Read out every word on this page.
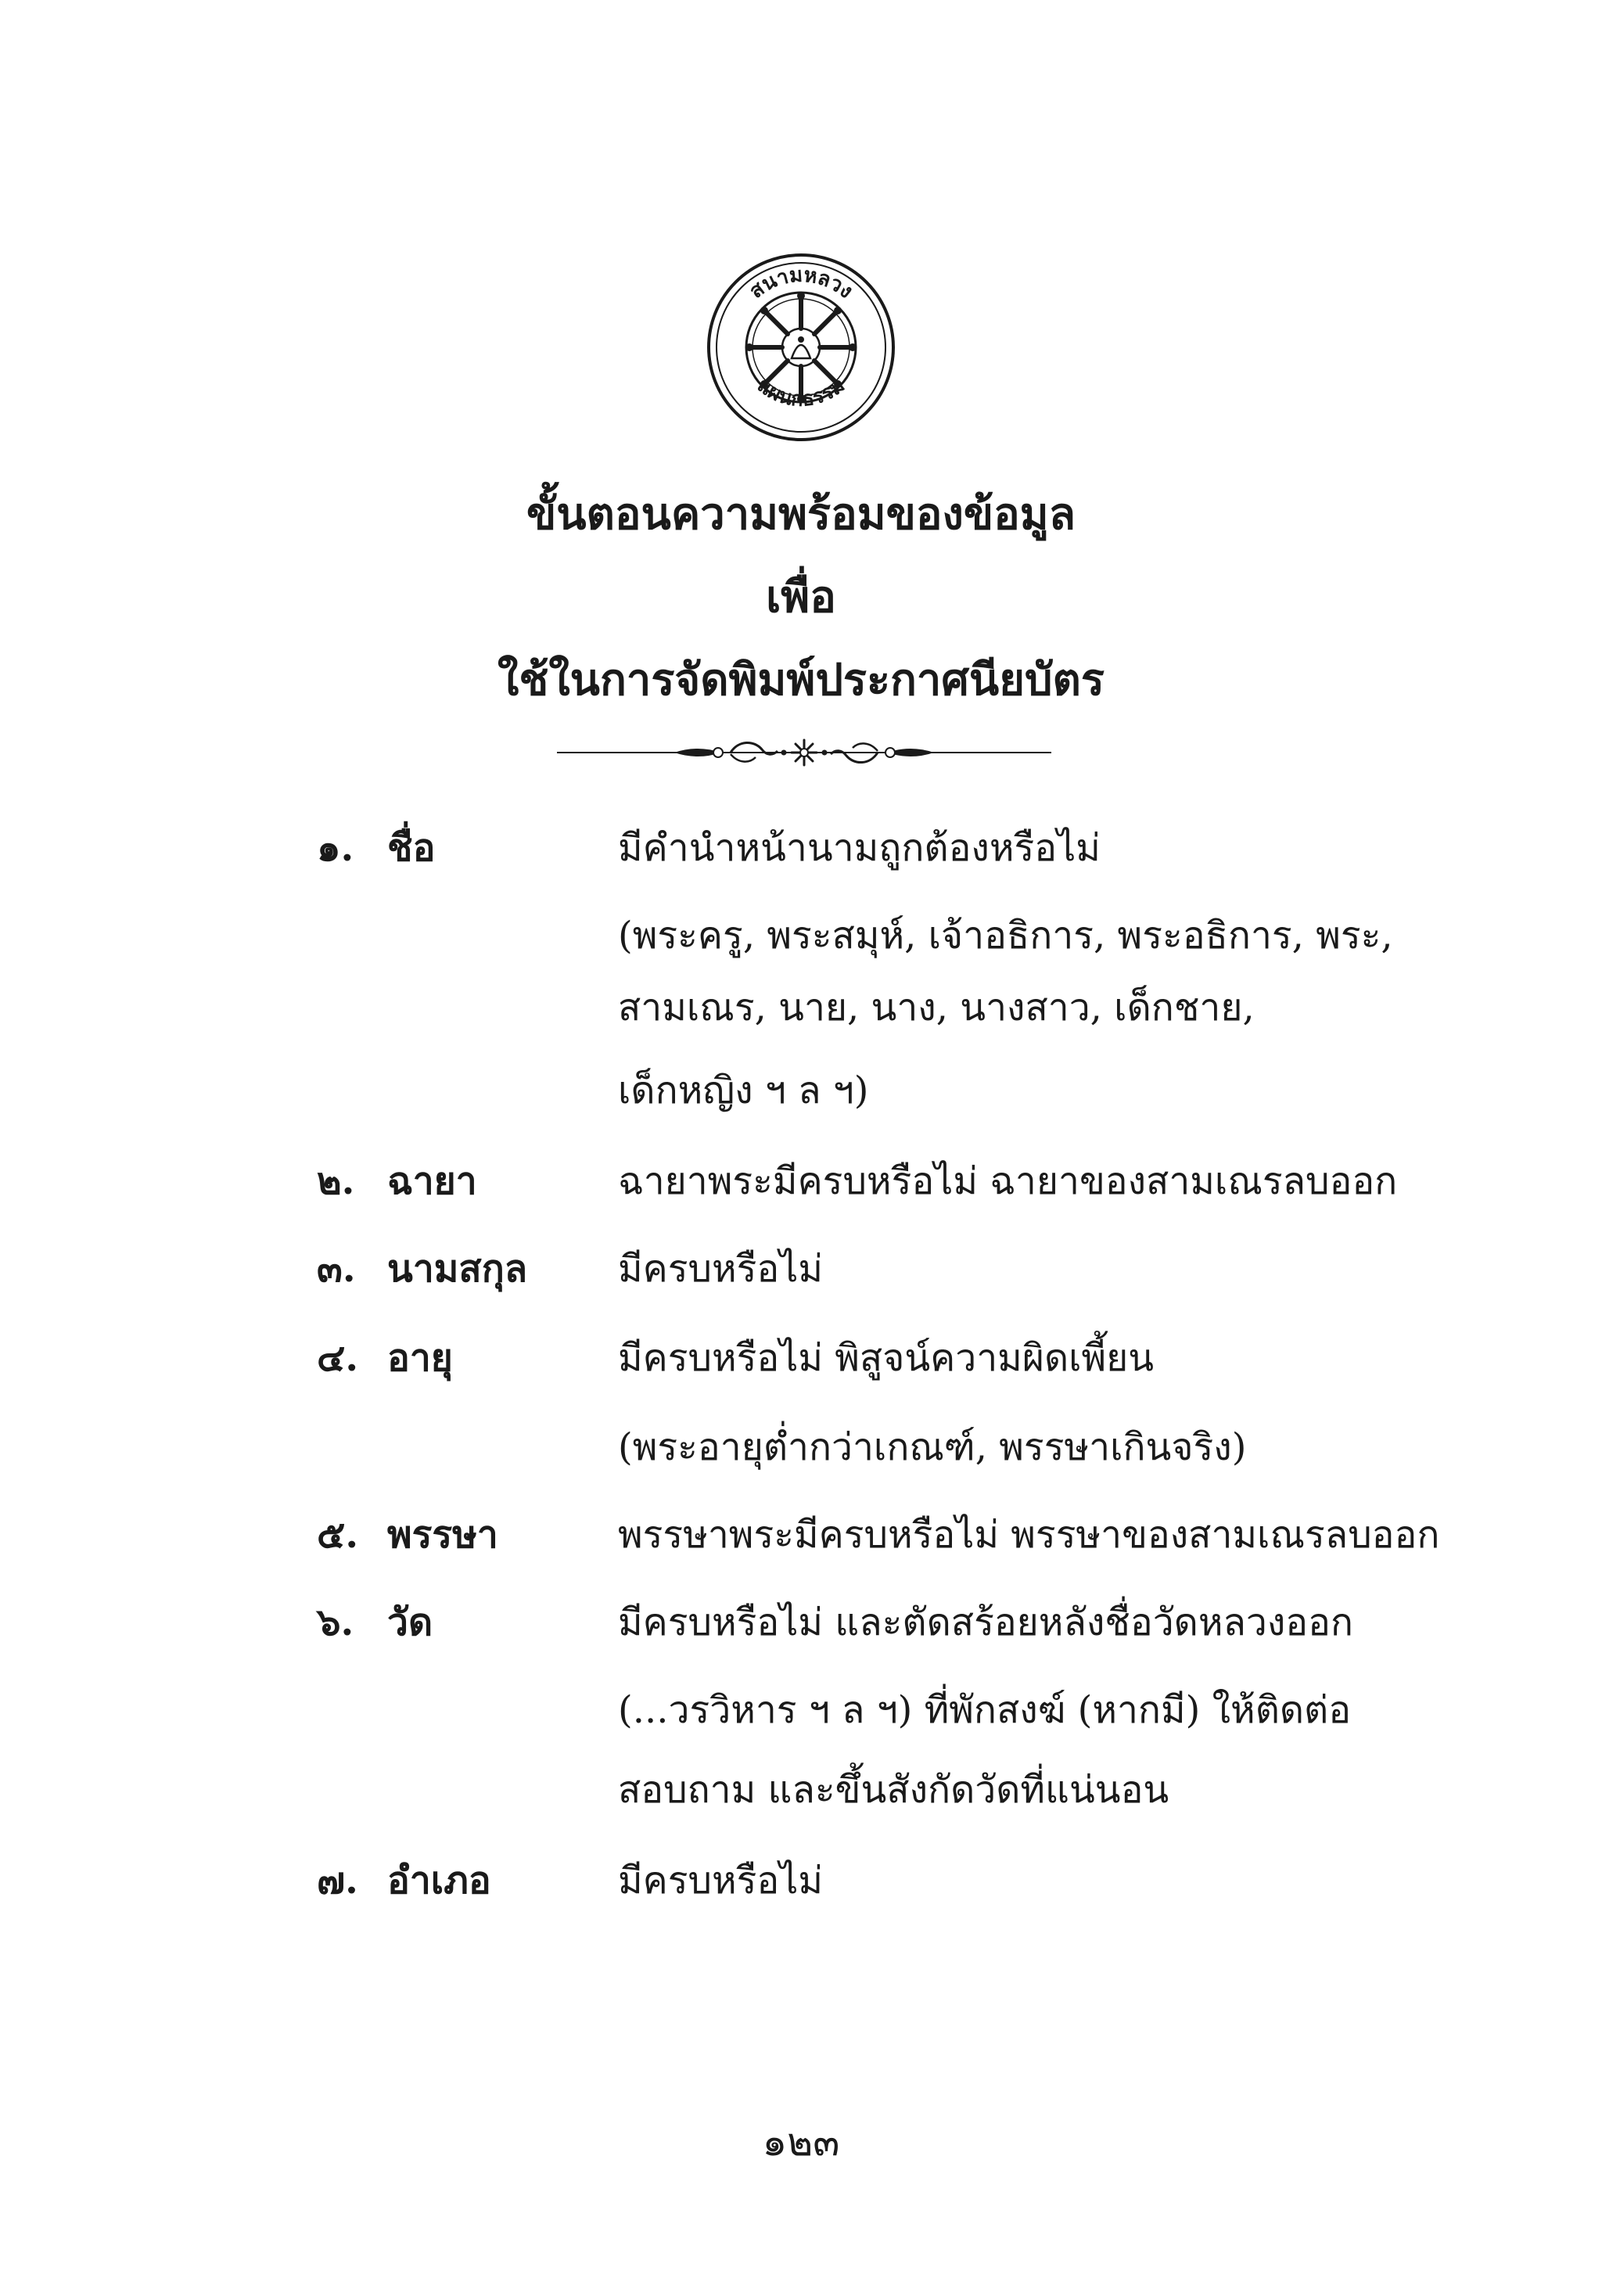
สนามหลวง
แผนกธรรม
ขั้นตอนความพร้อมของข้อมูล
เพื่อ
ใช้ในการจัดพิมพ์ประกาศนียบัตร
๑. ชื่อ	มีคำนำหน้านามถูกต้องหรือไม่
(พระครู, พระสมุห์, เจ้าอธิการ, พระอธิการ, พระ,
สามเณร, นาย, นาง, นางสาว, เด็กชาย,
เด็กหญิง ฯ ล ฯ)
๒. ฉายา	ฉายาพระมีครบหรือไม่ ฉายาของสามเณรลบออก
๓. นามสกุล มีครบหรือไม่
๔. อายุ	มีครบหรือไม่ พิสูจน์ความผิดเพี้ยน
(พระอายุต่ำกว่าเกณฑ์, พรรษาเกินจริง)
๕. พรรษา	พรรษาพระมีครบหรือไม่ พรรษาของสามเณรลบออก
๖. วัด	มีครบหรือไม่ และตัดสร้อยหลังชื่อวัดหลวงออก
(...วรวิหาร ฯ ล ฯ) ที่พักสงฆ์ (หากมี) ให้ติดต่อ
สอบถาม และขึ้นสังกัดวัดที่แน่นอน
๗. อำเภอ	มีครบหรือไม่
๑๒๓
